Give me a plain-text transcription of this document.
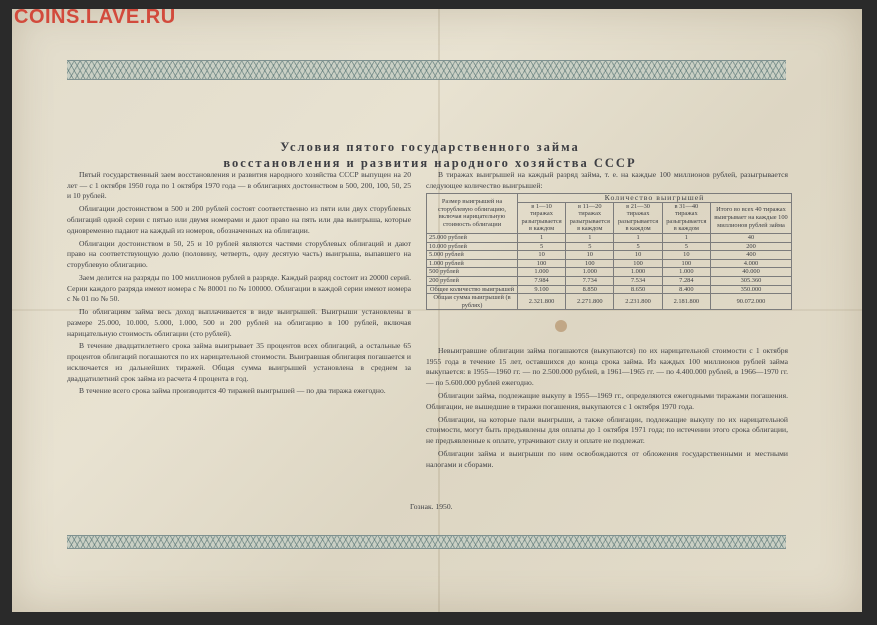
COINS.LAVE.RU
Условия пятого государственного займа
восстановления и развития народного хозяйства СССР

Пятый государственный заем восстановления и развития народного хозяйства СССР выпущен на 20 лет — с 1 октября 1950 года по 1 октября 1970 года — в облигациях достоинством в 500, 200, 100, 50, 25 и 10 рублей.

Облигации достоинством в 500 и 200 рублей состоят соответственно из пяти или двух сторублевых облигаций одной серии с пятью или двумя номерами и дают право на пять или два выигрыша, которые одновременно падают на каждый из номеров, обозначенных на облигации.

Облигации достоинством в 50, 25 и 10 рублей являются частями сторублевых облигаций и дают право на соответствующую долю (половину, четверть, одну десятую часть) выигрыша, выпавшего на сторублевую облигацию.

Заем делится на разряды по 100 миллионов рублей в разряде. Каждый разряд состоит из 20000 серий. Серии каждого разряда имеют номера с № 80001 по № 100000. Облигации в каждой серии имеют номера с № 01 по № 50.

По облигациям займа весь доход выплачивается в виде выигрышей. Выигрыши установлены в размере 25.000, 10.000, 5.000, 1.000, 500 и 200 рублей на облигацию в 100 рублей, включая нарицательную стоимость облигации (сто рублей).

В течение двадцатилетнего срока займа выигрывает 35 процентов всех облигаций, а остальные 65 процентов облигаций погашаются по их нарицательной стоимости. Выигравшая облигация погашается и исключается из дальнейших тиражей. Общая сумма выигрышей установлена в среднем за двадцатилетний срок займа из расчета 4 процента в год.

В течение всего срока займа производится 40 тиражей выигрышей — по два тиража ежегодно.

В тиражах выигрышей на каждый разряд займа, т. е. на каждые 100 миллионов рублей, разыгрывается следующее количество выигрышей:

Размер выигрышей на сторублевую облигацию, включая нарицательную стоимость облигации	Количество выигрышей				
	в 1—10 тиражах разыгрывается в каждом	в 11—20 тиражах разыгрывается в каждом	в 21—30 тиражах разыгрывается в каждом	в 31—40 тиражах разыгрывается в каждом	Итого во всех 40 тиражах выигрывает на каждые 100 миллионов рублей займа
25.000 рублей	1	1	1	1	40
10.000 рублей	5	5	5	5	200
5.000 рублей	10	10	10	10	400
1.000 рублей	100	100	100	100	4.000
500 рублей	1.000	1.000	1.000	1.000	40.000
200 рублей	7.984	7.734	7.534	7.284	305.360
Общее количество выигрышей	9.100	8.850	8.650	8.400	350.000
Общая сумма выигрышей (в рублях)	2.321.800	2.271.800	2.231.800	2.181.800	90.072.000

Невыигравшие облигации займа погашаются (выкупаются) по их нарицательной стоимости с 1 октября 1955 года в течение 15 лет, оставшихся до конца срока займа. Из каждых 100 миллионов рублей займа выкупается: в 1955—1960 гг. — по 2.500.000 рублей, в 1961—1965 гг. — по 4.400.000 рублей, в 1966—1970 гг. — по 5.600.000 рублей ежегодно.

Облигации займа, подлежащие выкупу в 1955—1969 гг., определяются ежегодными тиражами погашения. Облигации, не вышедшие в тиражи погашения, выкупаются с 1 октября 1970 года.

Облигации, на которые пали выигрыши, а также облигации, подлежащие выкупу по их нарицательной стоимости, могут быть предъявлены для оплаты до 1 октября 1971 года; по истечении этого срока облигации, не предъявленные к оплате, утрачивают силу и оплате не подлежат.

Облигации займа и выигрыши по ним освобождаются от обложения государственными и местными налогами и сборами.

Гознак. 1950.
